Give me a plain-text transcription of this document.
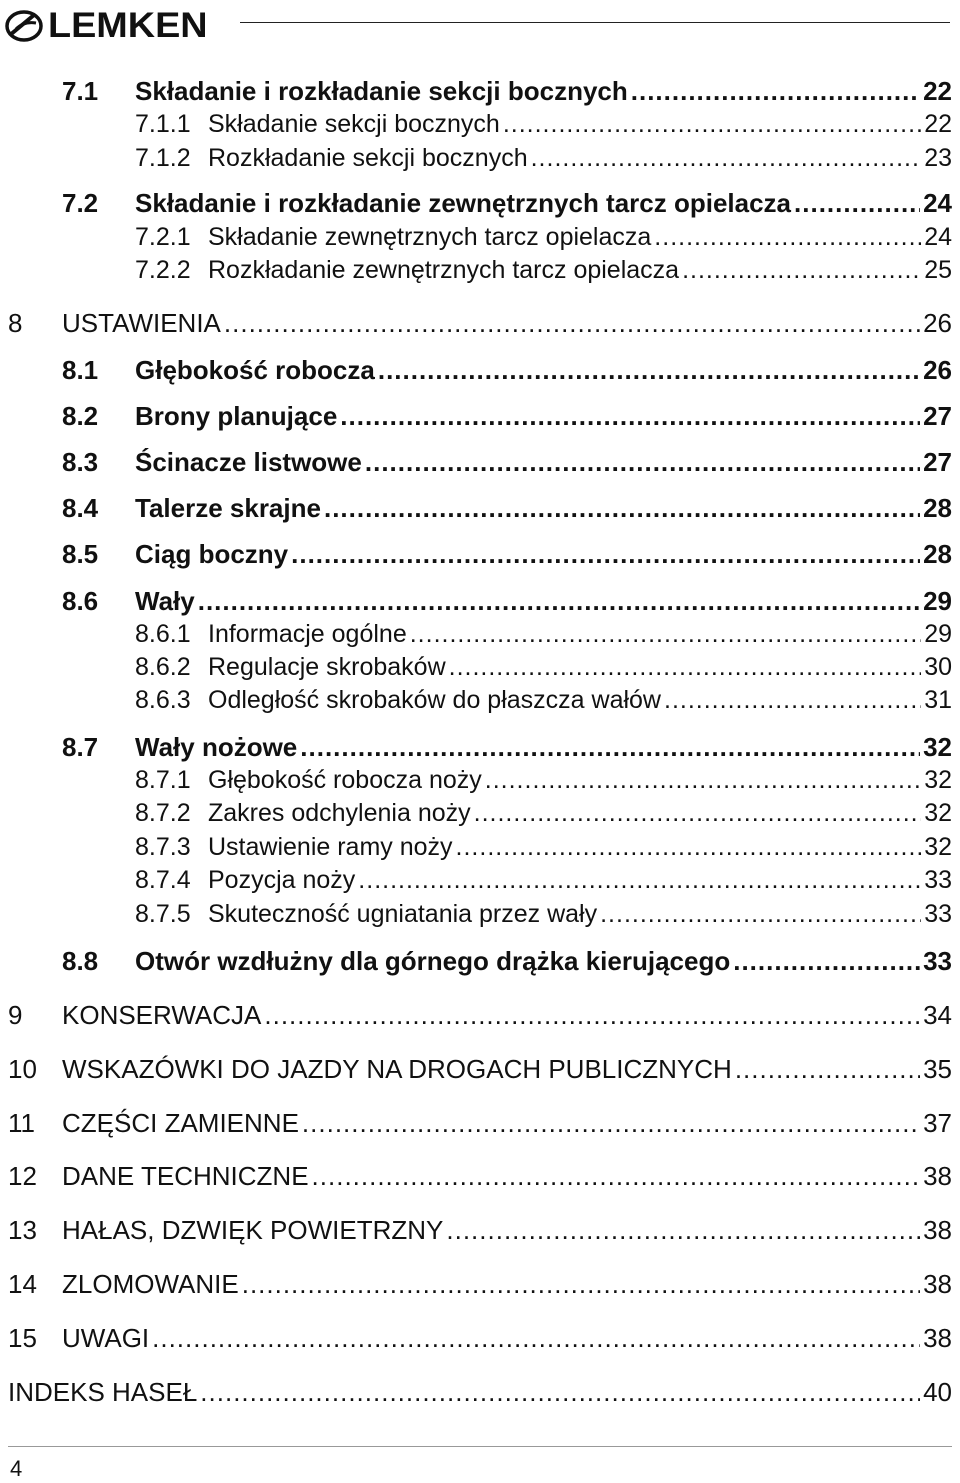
LEMKEN
7.1 Składanie i rozkładanie sekcji bocznych .....	22
7.1.1 Składanie sekcji bocznych .....	22
7.1.2 Rozkładanie sekcji bocznych .....	23
7.2 Składanie i rozkładanie zewnętrznych tarcz opielacza .....	24
7.2.1 Składanie zewnętrznych tarcz opielacza .....	24
7.2.2 Rozkładanie zewnętrznych tarcz opielacza .....	25
8 USTAWIENIA .....	26
8.1 Głębokość robocza .....	26
8.2 Brony planujące .....	27
8.3 Ścinacze listwowe .....	27
8.4 Talerze skrajne .....	28
8.5 Ciąg boczny .....	28
8.6 Wały .....	29
8.6.1 Informacje ogólne .....	29
8.6.2 Regulacje skrobaków .....	30
8.6.3 Odległość skrobaków do płaszcza wałów .....	31
8.7 Wały nożowe .....	32
8.7.1 Głębokość robocza noży .....	32
8.7.2 Zakres odchylenia noży .....	32
8.7.3 Ustawienie ramy noży .....	32
8.7.4 Pozycja noży .....	33
8.7.5 Skuteczność ugniatania przez wały .....	33
8.8 Otwór wzdłużny dla górnego drążka kierującego .....	33
9 KONSERWACJA .....	34
10 WSKAZÓWKI DO JAZDY NA DROGACH PUBLICZNYCH .....	35
11 CZĘŚCI ZAMIENNE .....	37
12 DANE TECHNICZNE .....	38
13 HAŁAS, DZWIĘK POWIETRZNY .....	38
14 ZLOMOWANIE .....	38
15 UWAGI .....	38
INDEKS HASEŁ .....	40
4
